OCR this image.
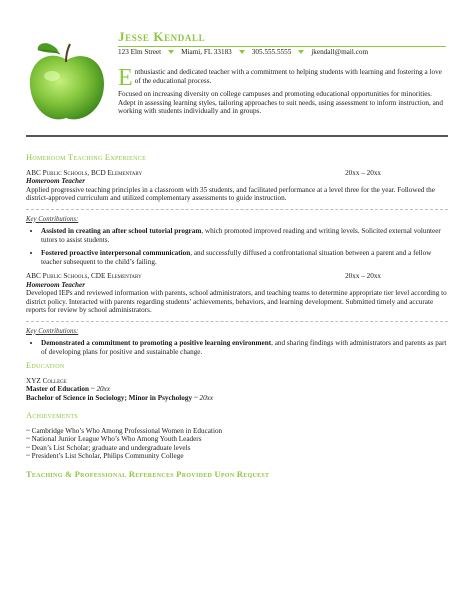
Jesse Kendall
123 Elm Street	Miami, FL 33183	305.555.5555	jkendall@mail.com

Enthusiastic and dedicated teacher with a commitment to helping students with learning and fostering a love of the educational process.

Focused on increasing diversity on college campuses and promoting educational opportunities for minorities. Adept in assessing learning styles, tailoring approaches to suit needs, using assessment to inform instruction, and working with students individually and in groups.

Homeroom Teaching Experience
ABC Public Schools, BCD Elementary	20xx – 20xx
Homeroom Teacher

Applied progressive teaching principles in a classroom with 35 students, and facilitated performance at a level three for the year. Followed the district-approved curriculum and utilized complementary assessments to guide instruction.

Key Contributions:
• Assisted in creating an after school tutorial program, which promoted improved reading and writing levels. Solicited external volunteer tutors to assist students.
• Fostered proactive interpersonal communication, and successfully diffused a confrontational situation between a parent and a fellow teacher subsequent to the child’s failing.
ABC Public Schools, CDE Elementary	20xx – 20xx
Homeroom Teacher

Developed IEPs and reviewed information with parents, school administrators, and teaching teams to determine appropriate tier level according to district policy. Interacted with parents regarding students’ achievements, behaviors, and learning development. Submitted timely and accurate reports for review by school administrators.

Key Contributions:
• Demonstrated a commitment to promoting a positive learning environment, and sharing findings with administrators and parents as part of developing plans for positive and sustainable change.
Education

XYZ College

Master of Education ~ 20xx

Bachelor of Science in Sociology; Minor in Psychology ~ 20xx

Achievements

~ Cambridge Who’s Who Among Professional Women in Education

~ National Junior League Who’s Who Among Youth Leaders

~ Dean’s List Scholar; graduate and undergraduate levels

~ President’s List Scholar, Philips Community College

Teaching & Professional References Provided Upon Request
